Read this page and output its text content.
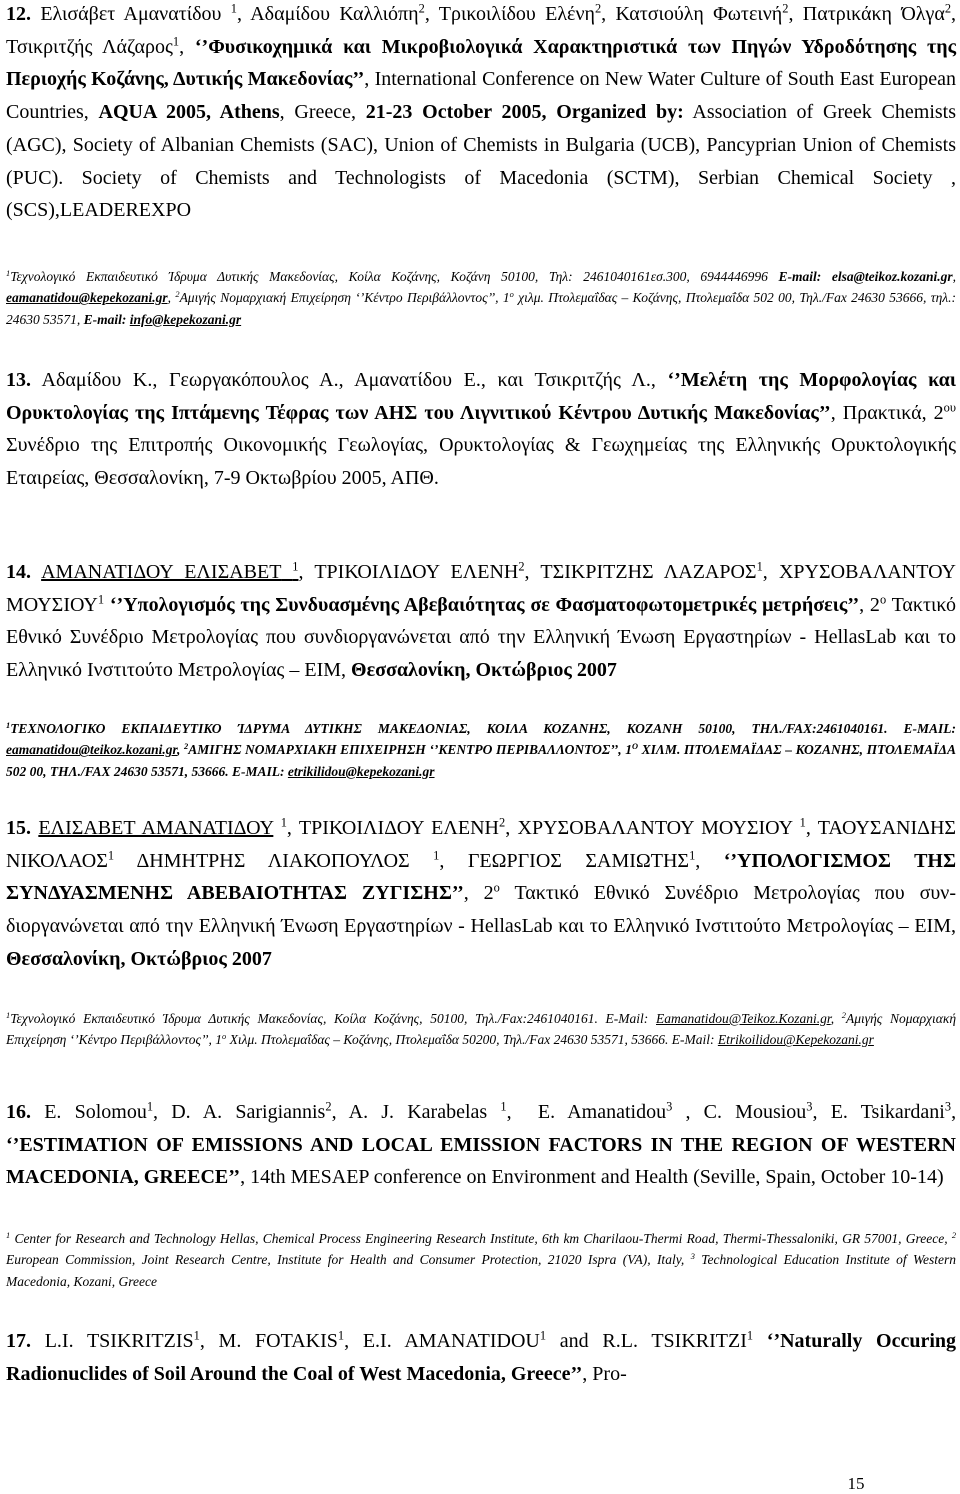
12. Ελισάβετ Αμανατίδου $^1$, Αδαμίδου Καλλιόπη$^2$, Τρικοιλίδου Ελένη$^2$, Κατσιούλη Φωτεινή$^2$, Πατρικάκη Όλγα$^2$, Τσικριτζής Λάζαρος$^1$, ‘’Φυσικοχημικά και Μικροβιολογικά Χαρακτηριστικά των Πηγών Υδροδότησης της Περιοχής Κοζάνης, Δυτικής Μακεδονίας’’, International Conference on New Water Culture of South East European Countries, AQUA 2005, Athens, Greece, 21-23 October 2005, Organized by: Association of Greek Chemists (AGC), Society of Albanian Chemists (SAC), Union of Chemists in Bulgaria (UCB), Pancyprian Union of Chemists (PUC). Society of Chemists and Technologists of Macedonia (SCTM), Serbian Chemical Society , (SCS),LEADEREXPO

$^1$Τεχνολογικό Εκπαιδευτικό Ίδρυμα Δυτικής Μακεδονίας, Κοίλα Κοζάνης, Κοζάνη 50100, Τηλ: 2461040161εσ.300, 6944446996 E-mail: elsa@teikoz.kozani.gr, eamanatidou@kepekozani.gr, $^2$Αμιγής Νομαρχιακή Επιχείρηση ‘’Κέντρο Περιβάλλοντος’’, $1^o$ χιλμ. Πτολεμαΐδας – Κοζάνης, Πτολεμαΐδα 502 00, Τηλ./Fax 24630 53666, τηλ.: 24630 53571, E-mail: info@kepekozani.gr

13. Αδαμίδου Κ., Γεωργακόπουλος Α., Αμανατίδου Ε., και Τσικριτζής Λ., ‘’Μελέτη της Μορφολογίας και Ορυκτολογίας της Ιπτάμενης Τέφρας των ΑΗΣ του Λιγνιτικού Κέντρου Δυτικής Μακεδονίας’’, Πρακτικά, $2^{o\upsilon}$ Συνέδριο της Επιτροπής Οικονομικής Γεωλογίας, Ορυκτολογίας & Γεωχημείας της Ελληνικής Ορυκτολογικής Εταιρείας, Θεσσαλονίκη, 7-9 Οκτωβρίου 2005, ΑΠΘ.

14. ΑΜΑΝΑΤΙΔΟΥ ΕΛΙΣΑΒΕΤ $^1$, ΤΡΙΚΟΙΛΙΔΟΥ ΕΛΕΝΗ$^2$, ΤΣΙΚΡΙΤΖΗΣ ΛΑΖΑΡΟΣ$^1$, ΧΡΥΣΟΒΑΛΑΝΤΟΥ ΜΟΥΣΙΟΥ$^1$ ‘’Υπολογισμός της Συνδυασμένης Αβεβαιότητας σε Φασματοφωτομετρικές μετρήσεις’’, $2^o$ Τακτικό Εθνικό Συνέδριο Μετρολογίας που συνδιοργανώνεται από την Ελληνική Ένωση Εργαστηρίων - HellasLab και το Ελληνικό Ινστιτούτο Μετρολογίας – ΕΙΜ, Θεσσαλονίκη, Οκτώβριος 2007

$^1$ΤΕΧΝΟΛΟΓΙΚΟ ΕΚΠΑΙΔΕΥΤΙΚΟ ΊΔΡΥΜΑ ΔΥΤΙΚΗΣ ΜΑΚΕΔΟΝΙΑΣ, ΚΟΙΛΑ ΚΟΖΑΝΗΣ, ΚΟΖΑΝΗ 50100, ΤΗΛ./FAX:2461040161. E-MAIL: eamanatidou@teikoz.kozani.gr, $^2$ΑΜΙΓΗΣ ΝΟΜΑΡΧΙΑΚΗ ΕΠΙΧΕΙΡΗΣΗ ‘’ΚΕΝΤΡΟ ΠΕΡΙΒΑΛΛΟΝΤΟΣ’’, $1^O$ ΧΙΛΜ. ΠΤΟΛΕΜΑΪΔΑΣ – ΚΟΖΑΝΗΣ, ΠΤΟΛΕΜΑΪΔΑ 502 00, ΤΗΛ./FAX 24630 53571, 53666. E-MAIL: etrikilidou@kepekozani.gr

15. ΕΛΙΣΑΒΕΤ ΑΜΑΝΑΤΙΔΟΥ $^1$, ΤΡΙΚΟΙΛΙΔΟΥ ΕΛΕΝΗ$^2$, ΧΡΥΣΟΒΑΛΑΝΤΟΥ ΜΟΥΣΙΟΥ $^1$, ΤΑΟΥΣΑΝΙΔΗΣ ΝΙΚΟΛΑΟΣ$^1$ ΔΗΜΗΤΡΗΣ ΛΙΑΚΟΠΟΥΛΟΣ $^1$, ΓΕΩΡΓΙΟΣ ΣΑΜΙΩΤΗΣ$^1$, ‘’ΥΠΟΛΟΓΙΣΜΟΣ ΤΗΣ ΣΥΝΔΥΑΣΜΕΝΗΣ ΑΒΕΒΑΙΟΤΗΤΑΣ ΖΥΓΙΣΗΣ’’, $2^o$ Τακτικό Εθνικό Συνέδριο Μετρολογίας που συν-διοργανώνεται από την Ελληνική Ένωση Εργαστηρίων - HellasLab και το Ελληνικό Ινστιτούτο Μετρολογίας – ΕΙΜ, Θεσσαλονίκη, Οκτώβριος 2007

$^1$Τεχνολογικό Εκπαιδευτικό Ίδρυμα Δυτικής Μακεδονίας, Κοίλα Κοζάνης, 50100, Τηλ./Fax:2461040161. E-Mail: Eamanatidou@Teikoz.Kozani.gr, $^2$Αμιγής Νομαρχιακή Επιχείρηση ‘’Κέντρο Περιβάλλοντος’’, $1^o$ Χιλμ. Πτολεμαΐδας – Κοζάνης, Πτολεμαΐδα 50200, Τηλ./Fax 24630 53571, 53666. E-Mail: Etrikoilidou@Kepekozani.gr

16. E. Solomou$^1$, D. A. Sarigiannis$^2$, A. J. Karabelas $^1$,  E. Amanatidou$^3$ , C. Mousiou$^3$, E. Tsikardani$^3$, ‘’ESTIMATION OF EMISSIONS AND LOCAL EMISSION FACTORS IN THE REGION OF WESTERN MACEDONIA, GREECE’’, 14th MESAEP conference on Environment and Health (Seville, Spain, October 10-14)

$^1$ Center for Research and Technology Hellas, Chemical Process Engineering Research Institute, 6th km Charilaou-Thermi Road, Thermi-Thessaloniki, GR 57001, Greece, $^2$ European Commission, Joint Research Centre, Institute for Health and Consumer Protection, 21020 Ispra (VA), Italy, $^3$ Technological Education Institute of Western Macedonia, Kozani, Greece

17. L.I. TSIKRITZIS$^1$, M. FOTAKIS$^1$, E.I. AMANATIDOU$^1$ and R.L. TSIKRITZI$^1$ ‘’Naturally Occuring Radionuclides of Soil Around the Coal of West Macedonia, Greece’’, Pro-

15
